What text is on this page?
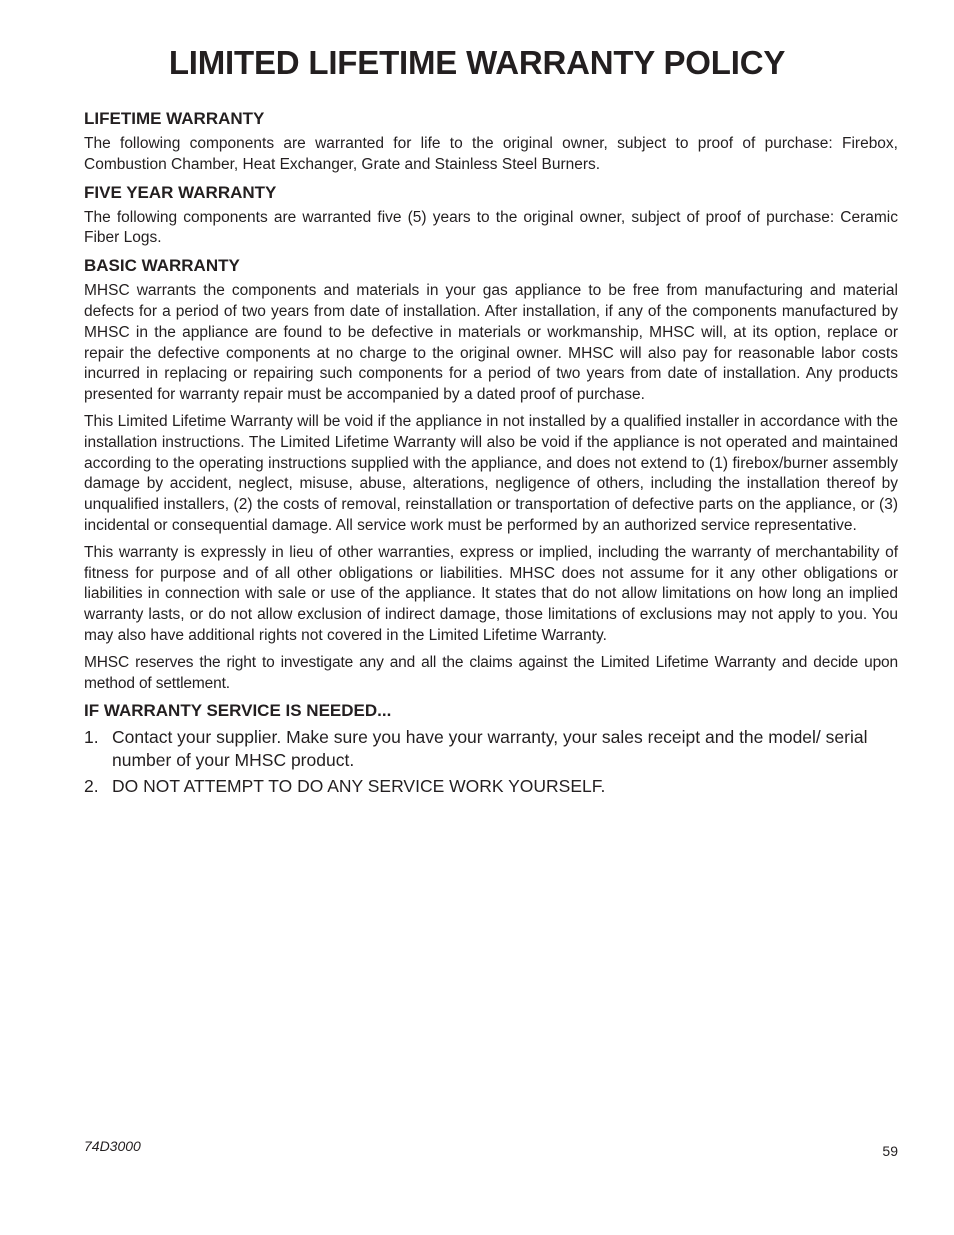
LIMITED LIFETIME WARRANTY POLICY
LIFETIME WARRANTY

The following components are warranted for life to the original owner, subject to proof of purchase: Firebox, Combustion Chamber, Heat Exchanger, Grate and Stainless Steel Burners.

FIVE YEAR WARRANTY

The following components are warranted five (5) years to the original owner, subject of proof of purchase: Ceramic Fiber Logs.

BASIC WARRANTY

MHSC warrants the components and materials in your gas appliance to be free from manufacturing and material defects for a period of two years from date of installation. After installation, if any of the components manufactured by MHSC in the appliance are found to be defective in materials or workmanship, MHSC will, at its option, replace or repair the defective components at no charge to the original owner. MHSC will also pay for reasonable labor costs incurred in replacing or repairing such components for a period of two years from date of installation. Any products presented for warranty repair must be accompanied by a dated proof of purchase.

This Limited Lifetime Warranty will be void if the appliance in not installed by a qualified installer in accordance with the installation instructions. The Limited Lifetime Warranty will also be void if the appliance is not operated and maintained according to the operating instructions supplied with the appliance, and does not extend to (1) firebox/burner assembly damage by accident, neglect, misuse, abuse, alterations, negligence of others, including the installation thereof by unqualified installers, (2) the costs of removal, reinstallation or transportation of defective parts on the appliance, or (3) incidental or consequential damage. All service work must be performed by an authorized service representative.

This warranty is expressly in lieu of other warranties, express or implied, including the warranty of merchantability of fitness for purpose and of all other obligations or liabilities. MHSC does not assume for it any other obligations or liabilities in connection with sale or use of the appliance. It states that do not allow limitations on how long an implied warranty lasts, or do not allow exclusion of indirect damage, those limitations of exclusions may not apply to you. You may also have additional rights not covered in the Limited Lifetime Warranty.

MHSC reserves the right to investigate any and all the claims against the Limited Lifetime Warranty and decide upon method of settlement.

IF WARRANTY SERVICE IS NEEDED...
1. Contact your supplier. Make sure you have your warranty, your sales receipt and the model/ serial number of your MHSC product.
2. DO NOT ATTEMPT TO DO ANY SERVICE WORK YOURSELF.
74D3000	59
